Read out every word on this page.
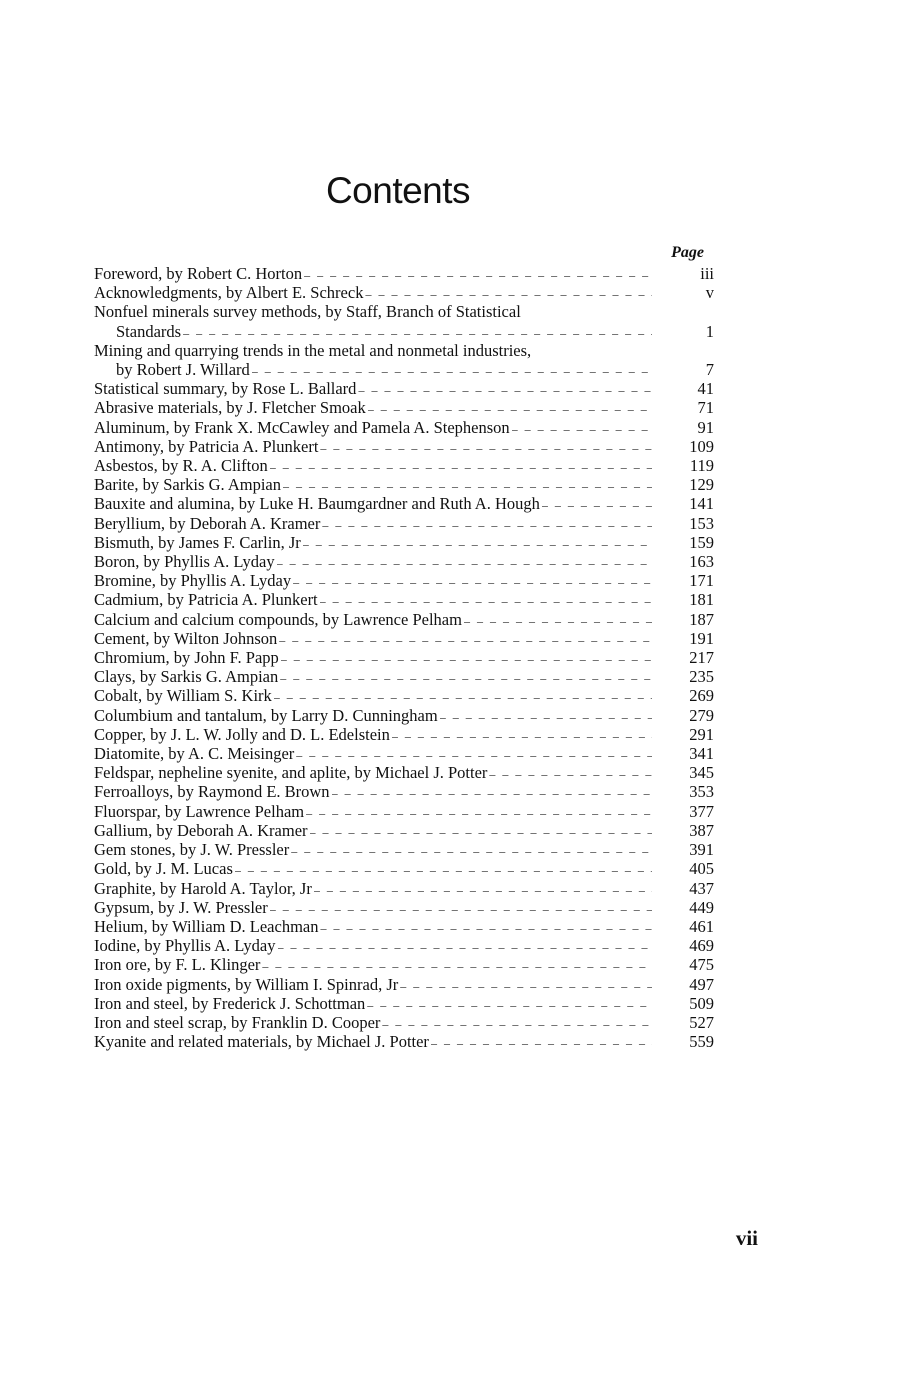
Contents
Page
Foreword, by Robert C. Horton – – –	iii
Acknowledgments, by Albert E. Schreck – – –	v
Nonfuel minerals survey methods, by Staff, Branch of Statistical
Standards – – –	1
Mining and quarrying trends in the metal and nonmetal industries,
by Robert J. Willard – – –	7
Statistical summary, by Rose L. Ballard – – –	41
Abrasive materials, by J. Fletcher Smoak – – –	71
Aluminum, by Frank X. McCawley and Pamela A. Stephenson – – –	91
Antimony, by Patricia A. Plunkert – – –	109
Asbestos, by R. A. Clifton – – –	119
Barite, by Sarkis G. Ampian – – –	129
Bauxite and alumina, by Luke H. Baumgardner and Ruth A. Hough – – –	141
Beryllium, by Deborah A. Kramer – – –	153
Bismuth, by James F. Carlin, Jr – – –	159
Boron, by Phyllis A. Lyday – – –	163
Bromine, by Phyllis A. Lyday – – –	171
Cadmium, by Patricia A. Plunkert – – –	181
Calcium and calcium compounds, by Lawrence Pelham – – –	187
Cement, by Wilton Johnson – – –	191
Chromium, by John F. Papp – – –	217
Clays, by Sarkis G. Ampian – – –	235
Cobalt, by William S. Kirk – – –	269
Columbium and tantalum, by Larry D. Cunningham – – –	279
Copper, by J. L. W. Jolly and D. L. Edelstein – – –	291
Diatomite, by A. C. Meisinger – – –	341
Feldspar, nepheline syenite, and aplite, by Michael J. Potter – – –	345
Ferroalloys, by Raymond E. Brown – – –	353
Fluorspar, by Lawrence Pelham – – –	377
Gallium, by Deborah A. Kramer – – –	387
Gem stones, by J. W. Pressler – – –	391
Gold, by J. M. Lucas – – –	405
Graphite, by Harold A. Taylor, Jr – – –	437
Gypsum, by J. W. Pressler – – –	449
Helium, by William D. Leachman – – –	461
Iodine, by Phyllis A. Lyday – – –	469
Iron ore, by F. L. Klinger – – –	475
Iron oxide pigments, by William I. Spinrad, Jr – – –	497
Iron and steel, by Frederick J. Schottman – – –	509
Iron and steel scrap, by Franklin D. Cooper – – –	527
Kyanite and related materials, by Michael J. Potter – – –	559
vii
